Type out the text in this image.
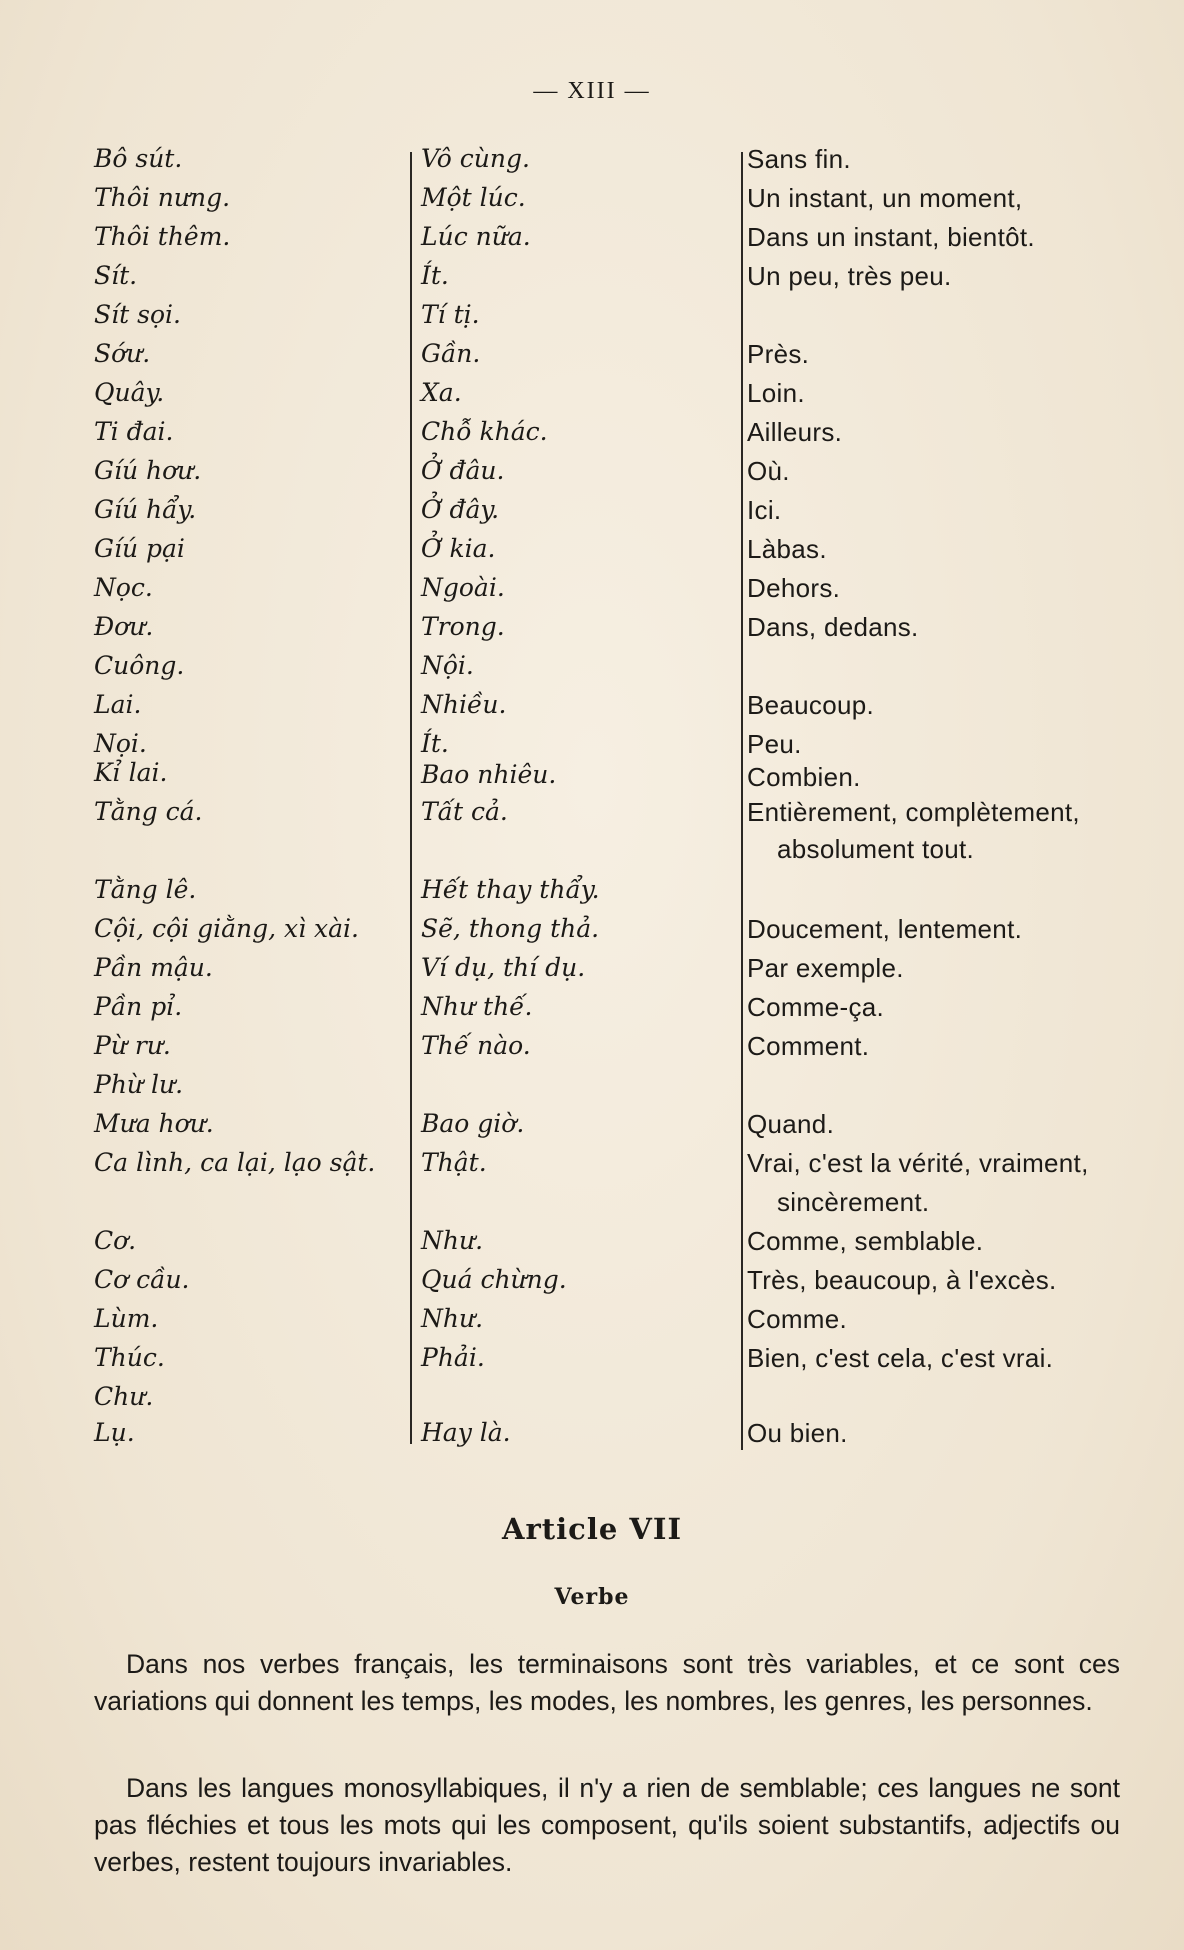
— XIII —
Bô sút.
Thôi nưng.
Thôi thêm.
Sít.
Sít sọi.
Sớư.
Quây.
Ti đai.
Gíú hơư.
Gíú hẩy.
Gíú pại
Nọc.
Đơư.
Cuông.
Lai.
Nọi.
Kỉ lai.
Tằng cá.
Tằng lê.
Cội, cội giằng, xì xài.
Pần mậu.
Pần pỉ.
Pừ rư.
Phừ lư.
Mưa hơư.
Ca lình, ca lại, lạo sật.
Cơ.
Cơ cầu.
Lùm.
Thúc.
Chư.
Lụ.
Vô cùng.
Một lúc.
Lúc nữa.
Ít.
Tí tị.
Gần.
Xa.
Chỗ khác.
Ở đâu.
Ở đây.
Ở kia.
Ngoài.
Trong.
Nội.
Nhiều.
Ít.
Bao nhiêu.
Tất cả.
Hết thay thẩy.
Sẽ, thong thả.
Ví dụ, thí dụ.
Như thế.
Thế nào.
Bao giờ.
Thật.
Như.
Quá chừng.
Như.
Phải.
Hay là.
Sans fin.
Un instant, un moment,
Dans un instant, bientôt.
Un peu, très peu.
Près.
Loin.
Ailleurs.
Où.
Ici.
Làbas.
Dehors.
Dans, dedans.
Beaucoup.
Peu.
Combien.
Entièrement, complètement,
absolument tout.
Doucement, lentement.
Par exemple.
Comme-ça.
Comment.
Quand.
Vrai, c'est la vérité, vraiment,
sincèrement.
Comme, semblable.
Très, beaucoup, à l'excès.
Comme.
Bien, c'est cela, c'est vrai.
Ou bien.
Article VII
Verbe

Dans nos verbes français, les terminaisons sont très variables, et ce sont ces variations qui donnent les temps, les modes, les nombres, les genres, les personnes.

Dans les langues monosyllabiques, il n'y a rien de semblable; ces langues ne sont pas fléchies et tous les mots qui les composent, qu'ils soient substantifs, adjectifs ou verbes, restent toujours invariables.
